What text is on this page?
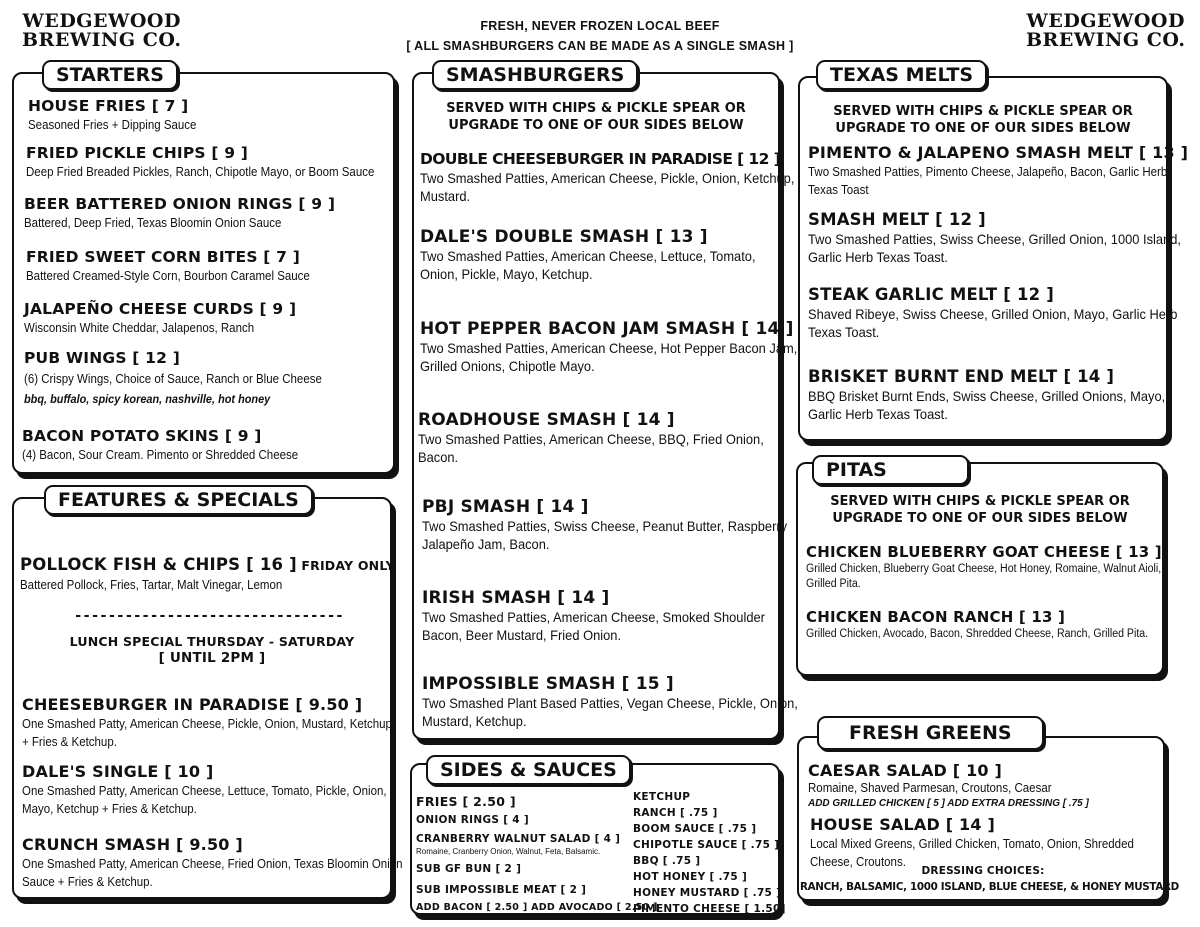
WEDGEWOOD
BREWING CO.
WEDGEWOOD
BREWING CO.
FRESH, NEVER FROZEN LOCAL BEEF
[ ALL SMASHBURGERS CAN BE MADE AS A SINGLE SMASH ]
STARTERS
HOUSE FRIES [ 7 ]
Seasoned Fries + Dipping Sauce
FRIED PICKLE CHIPS [ 9 ]
Deep Fried Breaded Pickles, Ranch, Chipotle Mayo, or Boom Sauce
BEER BATTERED ONION RINGS [ 9 ]
Battered, Deep Fried, Texas Bloomin Onion Sauce
FRIED SWEET CORN BITES [ 7 ]
Battered Creamed-Style Corn, Bourbon Caramel Sauce
JALAPEÑO CHEESE CURDS [ 9 ]
Wisconsin White Cheddar, Jalapenos, Ranch
PUB WINGS [ 12 ]
(6) Crispy Wings, Choice of Sauce, Ranch or Blue Cheese
bbq, buffalo, spicy korean, nashville, hot honey
BACON POTATO SKINS [ 9 ]
(4) Bacon, Sour Cream. Pimento or Shredded Cheese
FEATURES & SPECIALS
POLLOCK FISH & CHIPS [ 16 ] FRIDAY ONLY
Battered Pollock, Fries, Tartar, Malt Vinegar, Lemon
--------------------------------
LUNCH SPECIAL THURSDAY - SATURDAY
[ UNTIL 2PM ]
CHEESEBURGER IN PARADISE [ 9.50 ]
One Smashed Patty, American Cheese, Pickle, Onion, Mustard, Ketchup
+ Fries & Ketchup.
DALE'S SINGLE [ 10 ]
One Smashed Patty, American Cheese, Lettuce, Tomato, Pickle, Onion,
Mayo, Ketchup + Fries & Ketchup.
CRUNCH SMASH [ 9.50 ]
One Smashed Patty, American Cheese, Fried Onion, Texas Bloomin Onion
Sauce + Fries & Ketchup.
SMASHBURGERS
SERVED WITH CHIPS & PICKLE SPEAR OR
UPGRADE TO ONE OF OUR SIDES BELOW
DOUBLE CHEESEBURGER IN PARADISE [ 12 ]
Two Smashed Patties, American Cheese, Pickle, Onion, Ketchup,
Mustard.
DALE'S DOUBLE SMASH [ 13 ]
Two Smashed Patties, American Cheese, Lettuce, Tomato,
Onion, Pickle, Mayo, Ketchup.
HOT PEPPER BACON JAM SMASH [ 14 ]
Two Smashed Patties, American Cheese, Hot Pepper Bacon Jam,
Grilled Onions, Chipotle Mayo.
ROADHOUSE SMASH [ 14 ]
Two Smashed Patties, American Cheese, BBQ, Fried Onion,
Bacon.
PBJ SMASH [ 14 ]
Two Smashed Patties, Swiss Cheese, Peanut Butter, Raspberry
Jalapeño Jam, Bacon.
IRISH SMASH [ 14 ]
Two Smashed Patties, American Cheese, Smoked Shoulder
Bacon, Beer Mustard, Fried Onion.
IMPOSSIBLE SMASH [ 15 ]
Two Smashed Plant Based Patties, Vegan Cheese, Pickle, Onion,
Mustard, Ketchup.
SIDES & SAUCES
FRIES [ 2.50 ]
ONION RINGS [ 4 ]
CRANBERRY WALNUT SALAD [ 4 ]
Romaine, Cranberry Onion, Walnut, Feta, Balsamic.
SUB GF BUN [ 2 ]
SUB IMPOSSIBLE MEAT [ 2 ]
ADD BACON [ 2.50 ] ADD AVOCADO [ 2.50 ]
KETCHUP
RANCH [ .75 ]
BOOM SAUCE [ .75 ]
CHIPOTLE SAUCE [ .75 ]
BBQ [ .75 ]
HOT HONEY [ .75 ]
HONEY MUSTARD [ .75 ]
PIMENTO CHEESE [ 1.50]
TEXAS MELTS
SERVED WITH CHIPS & PICKLE SPEAR OR
UPGRADE TO ONE OF OUR SIDES BELOW
PIMENTO & JALAPENO SMASH MELT [ 13 ]
Two Smashed Patties, Pimento Cheese, Jalapeño, Bacon, Garlic Herb
Texas Toast
SMASH MELT [ 12 ]
Two Smashed Patties, Swiss Cheese, Grilled Onion, 1000 Island,
Garlic Herb Texas Toast.
STEAK GARLIC MELT [ 12 ]
Shaved Ribeye, Swiss Cheese, Grilled Onion, Mayo, Garlic Herb
Texas Toast.
BRISKET BURNT END MELT [ 14 ]
BBQ Brisket Burnt Ends, Swiss Cheese, Grilled Onions, Mayo,
Garlic Herb Texas Toast.
PITAS
SERVED WITH CHIPS & PICKLE SPEAR OR
UPGRADE TO ONE OF OUR SIDES BELOW
CHICKEN BLUEBERRY GOAT CHEESE [ 13 ]
Grilled Chicken, Blueberry Goat Cheese, Hot Honey, Romaine, Walnut Aioli,
Grilled Pita.
CHICKEN BACON RANCH [ 13 ]
Grilled Chicken, Avocado, Bacon, Shredded Cheese, Ranch, Grilled Pita.
FRESH GREENS
CAESAR SALAD [ 10 ]
Romaine, Shaved Parmesan, Croutons, Caesar
ADD GRILLED CHICKEN [ 5 ] ADD EXTRA DRESSING [ .75 ]
HOUSE SALAD [ 14 ]
Local Mixed Greens, Grilled Chicken, Tomato, Onion, Shredded
Cheese, Croutons.
DRESSING CHOICES:
RANCH, BALSAMIC, 1000 ISLAND, BLUE CHEESE, & HONEY MUSTARD
